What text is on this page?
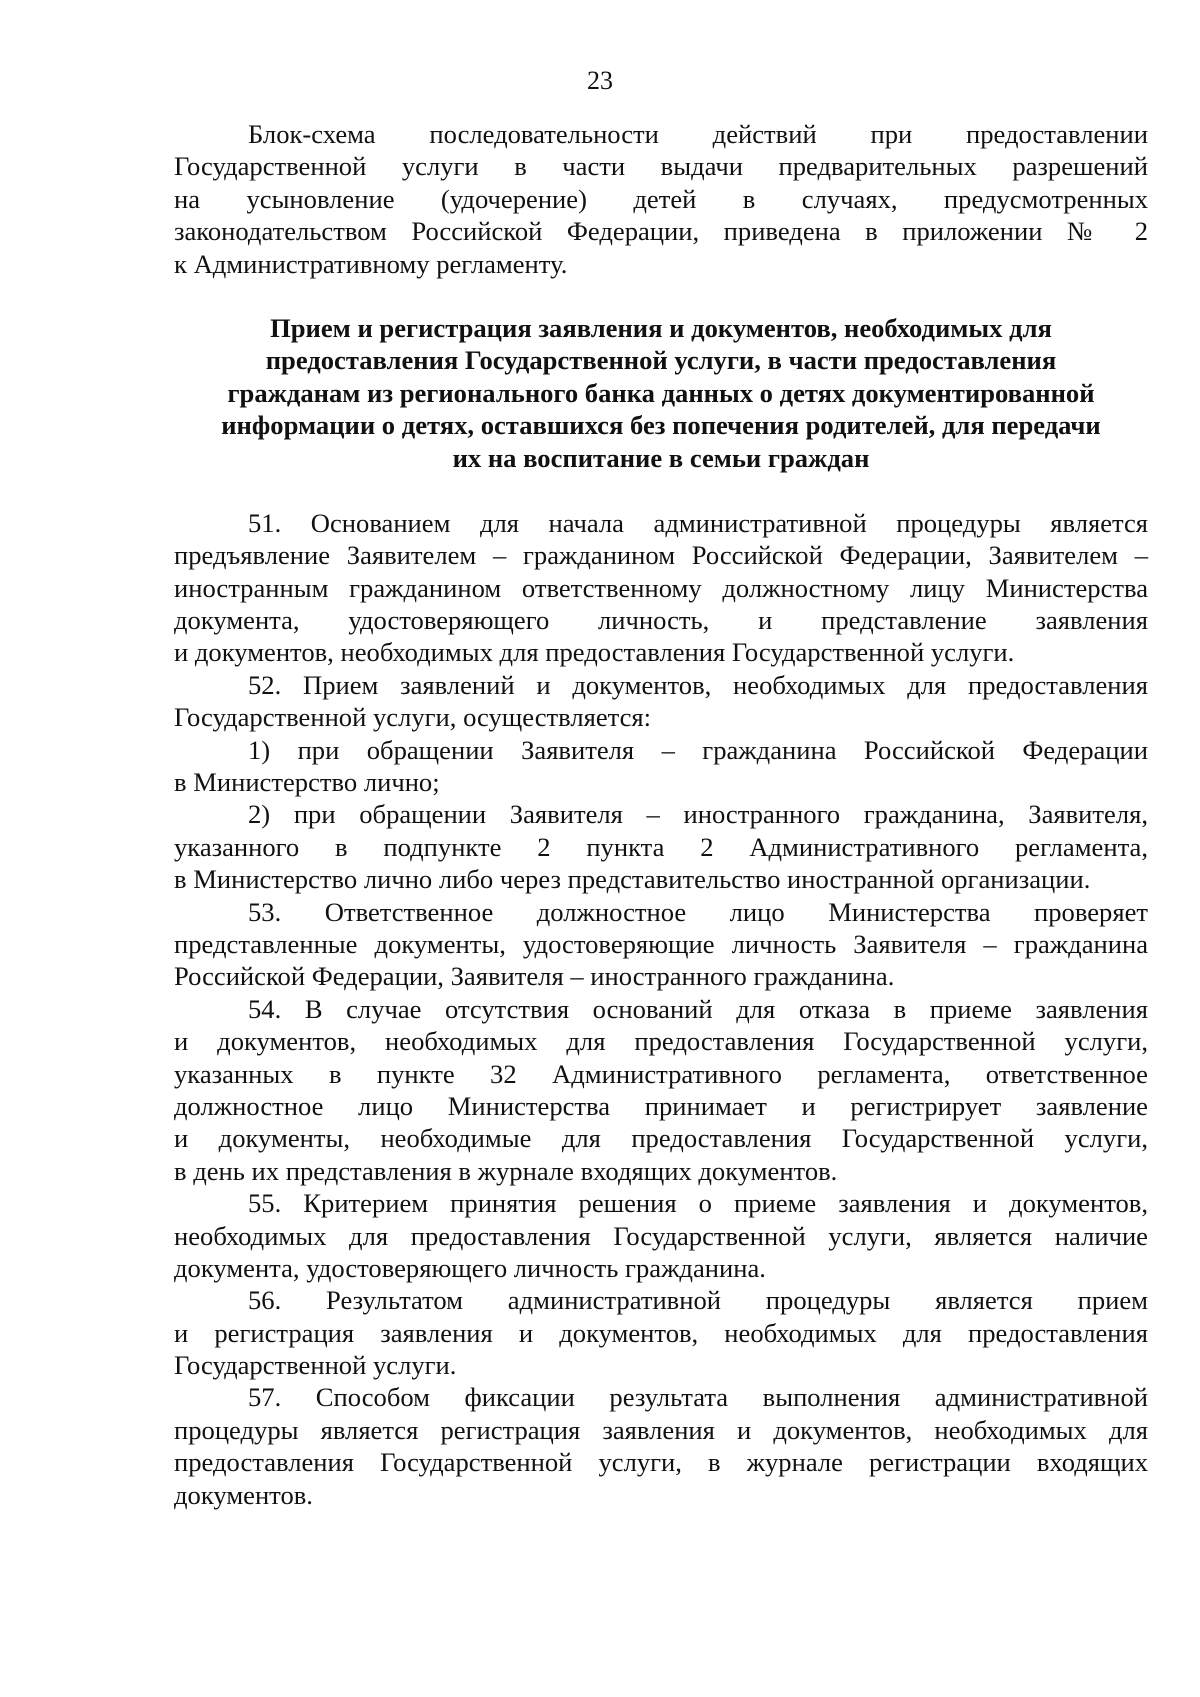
23
Блок-схема последовательности действий при предоставлении
Государственной услуги в части выдачи предварительных разрешений
на усыновление (удочерение) детей в случаях, предусмотренных
законодательством Российской Федерации, приведена в приложении № 2
к Административному регламенту.
Прием и регистрация заявления и документов, необходимых для
предоставления Государственной услуги, в части предоставления
гражданам из регионального банка данных о детях документированной
информации о детях, оставшихся без попечения родителей, для передачи
их на воспитание в семьи граждан
51. Основанием для начала административной процедуры является
предъявление Заявителем – гражданином Российской Федерации, Заявителем –
иностранным гражданином ответственному должностному лицу Министерства
документа, удостоверяющего личность, и представление заявления
и документов, необходимых для предоставления Государственной услуги.
52. Прием заявлений и документов, необходимых для предоставления
Государственной услуги, осуществляется:
1) при обращении Заявителя – гражданина Российской Федерации
в Министерство лично;
2) при обращении Заявителя – иностранного гражданина, Заявителя,
указанного в подпункте 2 пункта 2 Административного регламента,
в Министерство лично либо через представительство иностранной организации.
53. Ответственное должностное лицо Министерства проверяет
представленные документы, удостоверяющие личность Заявителя – гражданина
Российской Федерации, Заявителя – иностранного гражданина.
54. В случае отсутствия оснований для отказа в приеме заявления
и документов, необходимых для предоставления Государственной услуги,
указанных в пункте 32 Административного регламента, ответственное
должностное лицо Министерства принимает и регистрирует заявление
и документы, необходимые для предоставления Государственной услуги,
в день их представления в журнале входящих документов.
55. Критерием принятия решения о приеме заявления и документов,
необходимых для предоставления Государственной услуги, является наличие
документа, удостоверяющего личность гражданина.
56. Результатом административной процедуры является прием
и регистрация заявления и документов, необходимых для предоставления
Государственной услуги.
57. Способом фиксации результата выполнения административной
процедуры является регистрация заявления и документов, необходимых для
предоставления Государственной услуги, в журнале регистрации входящих
документов.
